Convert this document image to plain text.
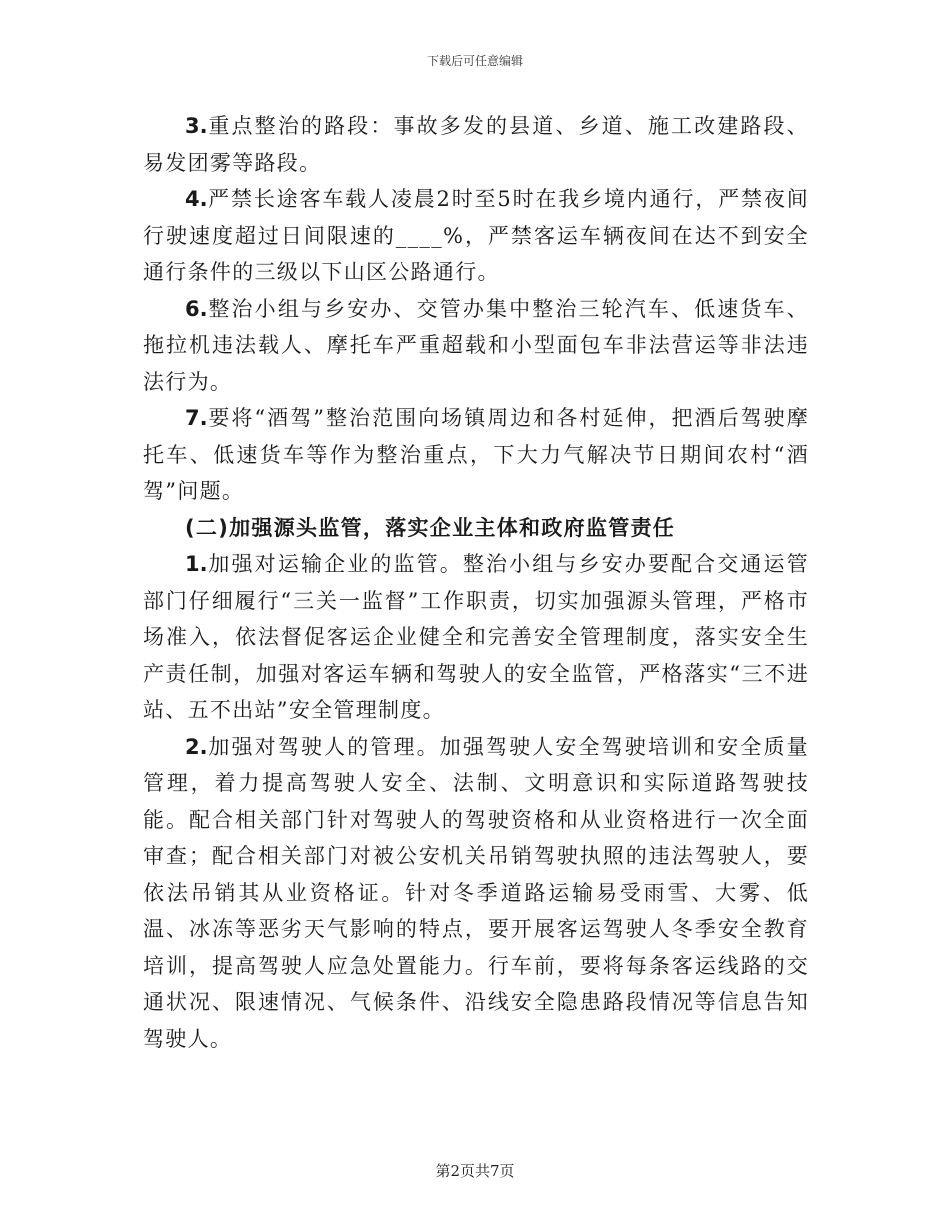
下载后可任意编辑

3.重点整治的路段：事故多发的县道、乡道、施工改建路段、易发团雾等路段。

4.严禁长途客车载人凌晨2时至5时在我乡境内通行，严禁夜间行驶速度超过日间限速的____%，严禁客运车辆夜间在达不到安全通行条件的三级以下山区公路通行。

6.整治小组与乡安办、交管办集中整治三轮汽车、低速货车、拖拉机违法载人、摩托车严重超载和小型面包车非法营运等非法违法行为。

7.要将“酒驾”整治范围向场镇周边和各村延伸，把酒后驾驶摩托车、低速货车等作为整治重点，下大力气解决节日期间农村“酒驾”问题。

(二)加强源头监管，落实企业主体和政府监管责任

1.加强对运输企业的监管。整治小组与乡安办要配合交通运管部门仔细履行“三关一监督”工作职责，切实加强源头管理，严格市场准入，依法督促客运企业健全和完善安全管理制度，落实安全生产责任制，加强对客运车辆和驾驶人的安全监管，严格落实“三不进站、五不出站”安全管理制度。

2.加强对驾驶人的管理。加强驾驶人安全驾驶培训和安全质量管理，着力提高驾驶人安全、法制、文明意识和实际道路驾驶技能。配合相关部门针对驾驶人的驾驶资格和从业资格进行一次全面审查；配合相关部门对被公安机关吊销驾驶执照的违法驾驶人，要依法吊销其从业资格证。针对冬季道路运输易受雨雪、大雾、低温、冰冻等恶劣天气影响的特点，要开展客运驾驶人冬季安全教育培训，提高驾驶人应急处置能力。行车前，要将每条客运线路的交通状况、限速情况、气候条件、沿线安全隐患路段情况等信息告知驾驶人。

第2页共7页
